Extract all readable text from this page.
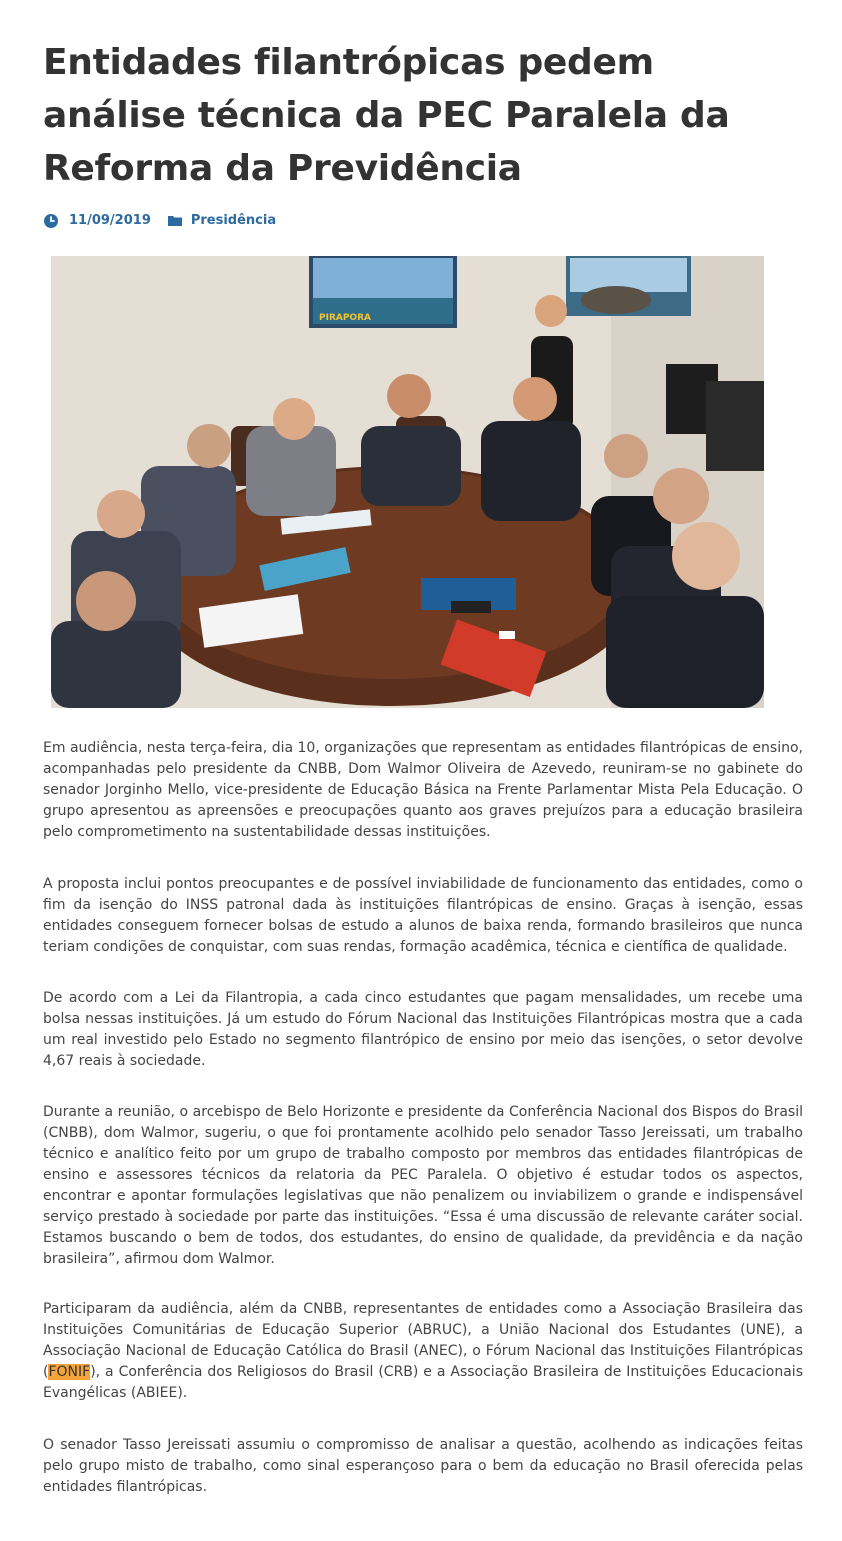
Entidades filantrópicas pedem análise técnica da PEC Paralela da Reforma da Previdência
11/09/2019	Presidência
PIRAPORA

Em audiência, nesta terça-feira, dia 10, organizações que representam as entidades filantrópicas de ensino, acompanhadas pelo presidente da CNBB, Dom Walmor Oliveira de Azevedo, reuniram-se no gabinete do senador Jorginho Mello, vice-presidente de Educação Básica na Frente Parlamentar Mista Pela Educação. O grupo apresentou as apreensões e preocupações quanto aos graves prejuízos para a educação brasileira pelo comprometimento na sustentabilidade dessas instituições.

A proposta inclui pontos preocupantes e de possível inviabilidade de funcionamento das entidades, como o fim da isenção do INSS patronal dada às instituições filantrópicas de ensino. Graças à isenção, essas entidades conseguem fornecer bolsas de estudo a alunos de baixa renda, formando brasileiros que nunca teriam condições de conquistar, com suas rendas, formação acadêmica, técnica e científica de qualidade.

De acordo com a Lei da Filantropia, a cada cinco estudantes que pagam mensalidades, um recebe uma bolsa nessas instituições. Já um estudo do Fórum Nacional das Instituições Filantrópicas mostra que a cada um real investido pelo Estado no segmento filantrópico de ensino por meio das isenções, o setor devolve 4,67 reais à sociedade.

Durante a reunião, o arcebispo de Belo Horizonte e presidente da Conferência Nacional dos Bispos do Brasil (CNBB), dom Walmor, sugeriu, o que foi prontamente acolhido pelo senador Tasso Jereissati, um trabalho técnico e analítico feito por um grupo de trabalho composto por membros das entidades filantrópicas de ensino e assessores técnicos da relatoria da PEC Paralela. O objetivo é estudar todos os aspectos, encontrar e apontar formulações legislativas que não penalizem ou inviabilizem o grande e indispensável serviço prestado à sociedade por parte das instituições. “Essa é uma discussão de relevante caráter social. Estamos buscando o bem de todos, dos estudantes, do ensino de qualidade, da previdência e da nação brasileira”, afirmou dom Walmor.

Participaram da audiência, além da CNBB, representantes de entidades como a Associação Brasileira das Instituições Comunitárias de Educação Superior (ABRUC), a União Nacional dos Estudantes (UNE), a Associação Nacional de Educação Católica do Brasil (ANEC), o Fórum Nacional das Instituições Filantrópicas (FONIF), a Conferência dos Religiosos do Brasil (CRB) e a Associação Brasileira de Instituições Educacionais Evangélicas (ABIEE).

O senador Tasso Jereissati assumiu o compromisso de analisar a questão, acolhendo as indicações feitas pelo grupo misto de trabalho, como sinal esperançoso para o bem da educação no Brasil oferecida pelas entidades filantrópicas.
